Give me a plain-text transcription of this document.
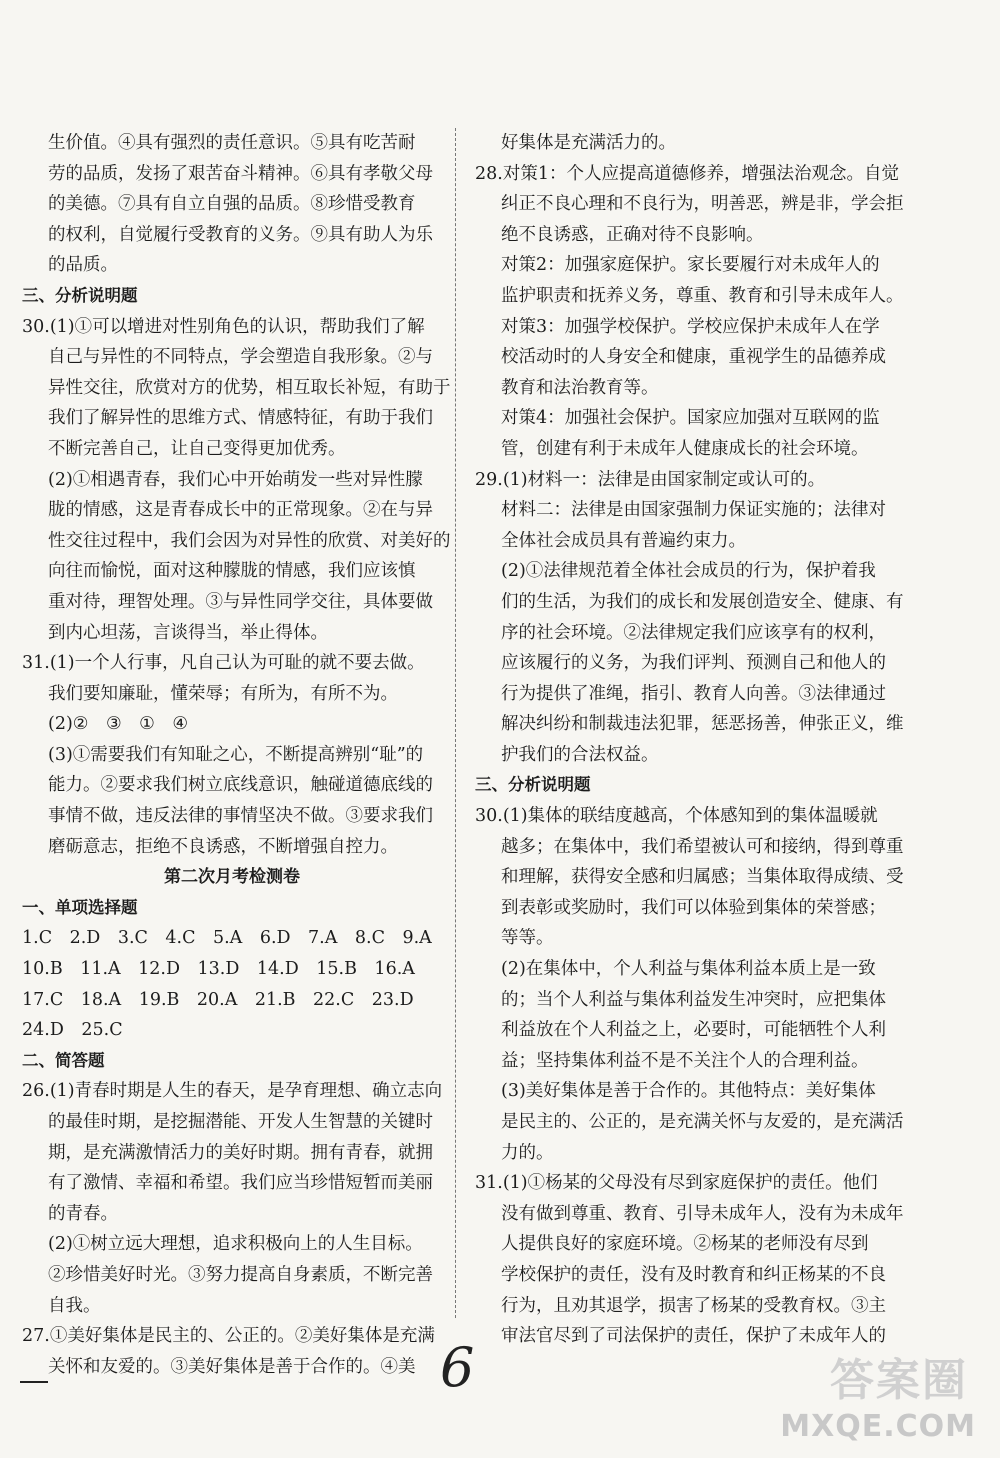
生价值。④具有强烈的责任意识。⑤具有吃苦耐
劳的品质，发扬了艰苦奋斗精神。⑥具有孝敬父母
的美德。⑦具有自立自强的品质。⑧珍惜受教育
的权利，自觉履行受教育的义务。⑨具有助人为乐
的品质。
三、分析说明题
30.(1)①可以增进对性别角色的认识，帮助我们了解
自己与异性的不同特点，学会塑造自我形象。②与
异性交往，欣赏对方的优势，相互取长补短，有助于
我们了解异性的思维方式、情感特征，有助于我们
不断完善自己，让自己变得更加优秀。
(2)①相遇青春，我们心中开始萌发一些对异性朦
胧的情感，这是青春成长中的正常现象。②在与异
性交往过程中，我们会因为对异性的欣赏、对美好的
向往而愉悦，面对这种朦胧的情感，我们应该慎
重对待，理智处理。③与异性同学交往，具体要做
到内心坦荡，言谈得当，举止得体。
31.(1)一个人行事，凡自己认为可耻的就不要去做。
我们要知廉耻，懂荣辱；有所为，有所不为。
(2)②　③　①　④
(3)①需要我们有知耻之心，不断提高辨别“耻”的
能力。②要求我们树立底线意识，触碰道德底线的
事情不做，违反法律的事情坚决不做。③要求我们
磨砺意志，拒绝不良诱惑，不断增强自控力。
第二次月考检测卷
一、单项选择题
1.C　2.D　3.C　4.C　5.A　6.D　7.A　8.C　9.A
10.B　11.A　12.D　13.D　14.D　15.B　16.A
17.C　18.A　19.B　20.A　21.B　22.C　23.D
24.D　25.C
二、简答题
26.(1)青春时期是人生的春天，是孕育理想、确立志向
的最佳时期，是挖掘潜能、开发人生智慧的关键时
期，是充满激情活力的美好时期。拥有青春，就拥
有了激情、幸福和希望。我们应当珍惜短暂而美丽
的青春。
(2)①树立远大理想，追求积极向上的人生目标。
②珍惜美好时光。③努力提高自身素质，不断完善
自我。
27.①美好集体是民主的、公正的。②美好集体是充满
关怀和友爱的。③美好集体是善于合作的。④美
好集体是充满活力的。
28.对策1：个人应提高道德修养，增强法治观念。自觉
纠正不良心理和不良行为，明善恶，辨是非，学会拒
绝不良诱惑，正确对待不良影响。
对策2：加强家庭保护。家长要履行对未成年人的
监护职责和抚养义务，尊重、教育和引导未成年人。
对策3：加强学校保护。学校应保护未成年人在学
校活动时的人身安全和健康，重视学生的品德养成
教育和法治教育等。
对策4：加强社会保护。国家应加强对互联网的监
管，创建有利于未成年人健康成长的社会环境。
29.(1)材料一：法律是由国家制定或认可的。
材料二：法律是由国家强制力保证实施的；法律对
全体社会成员具有普遍约束力。
(2)①法律规范着全体社会成员的行为，保护着我
们的生活，为我们的成长和发展创造安全、健康、有
序的社会环境。②法律规定我们应该享有的权利，
应该履行的义务，为我们评判、预测自己和他人的
行为提供了准绳，指引、教育人向善。③法律通过
解决纠纷和制裁违法犯罪，惩恶扬善，伸张正义，维
护我们的合法权益。
三、分析说明题
30.(1)集体的联结度越高，个体感知到的集体温暖就
越多；在集体中，我们希望被认可和接纳，得到尊重
和理解，获得安全感和归属感；当集体取得成绩、受
到表彰或奖励时，我们可以体验到集体的荣誉感；
等等。
(2)在集体中，个人利益与集体利益本质上是一致
的；当个人利益与集体利益发生冲突时，应把集体
利益放在个人利益之上，必要时，可能牺牲个人利
益；坚持集体利益不是不关注个人的合理利益。
(3)美好集体是善于合作的。其他特点：美好集体
是民主的、公正的，是充满关怀与友爱的，是充满活
力的。
31.(1)①杨某的父母没有尽到家庭保护的责任。他们
没有做到尊重、教育、引导未成年人，没有为未成年
人提供良好的家庭环境。②杨某的老师没有尽到
学校保护的责任，没有及时教育和纠正杨某的不良
行为，且劝其退学，损害了杨某的受教育权。③主
审法官尽到了司法保护的责任，保护了未成年人的
6	答案圈
MXQE.COM
